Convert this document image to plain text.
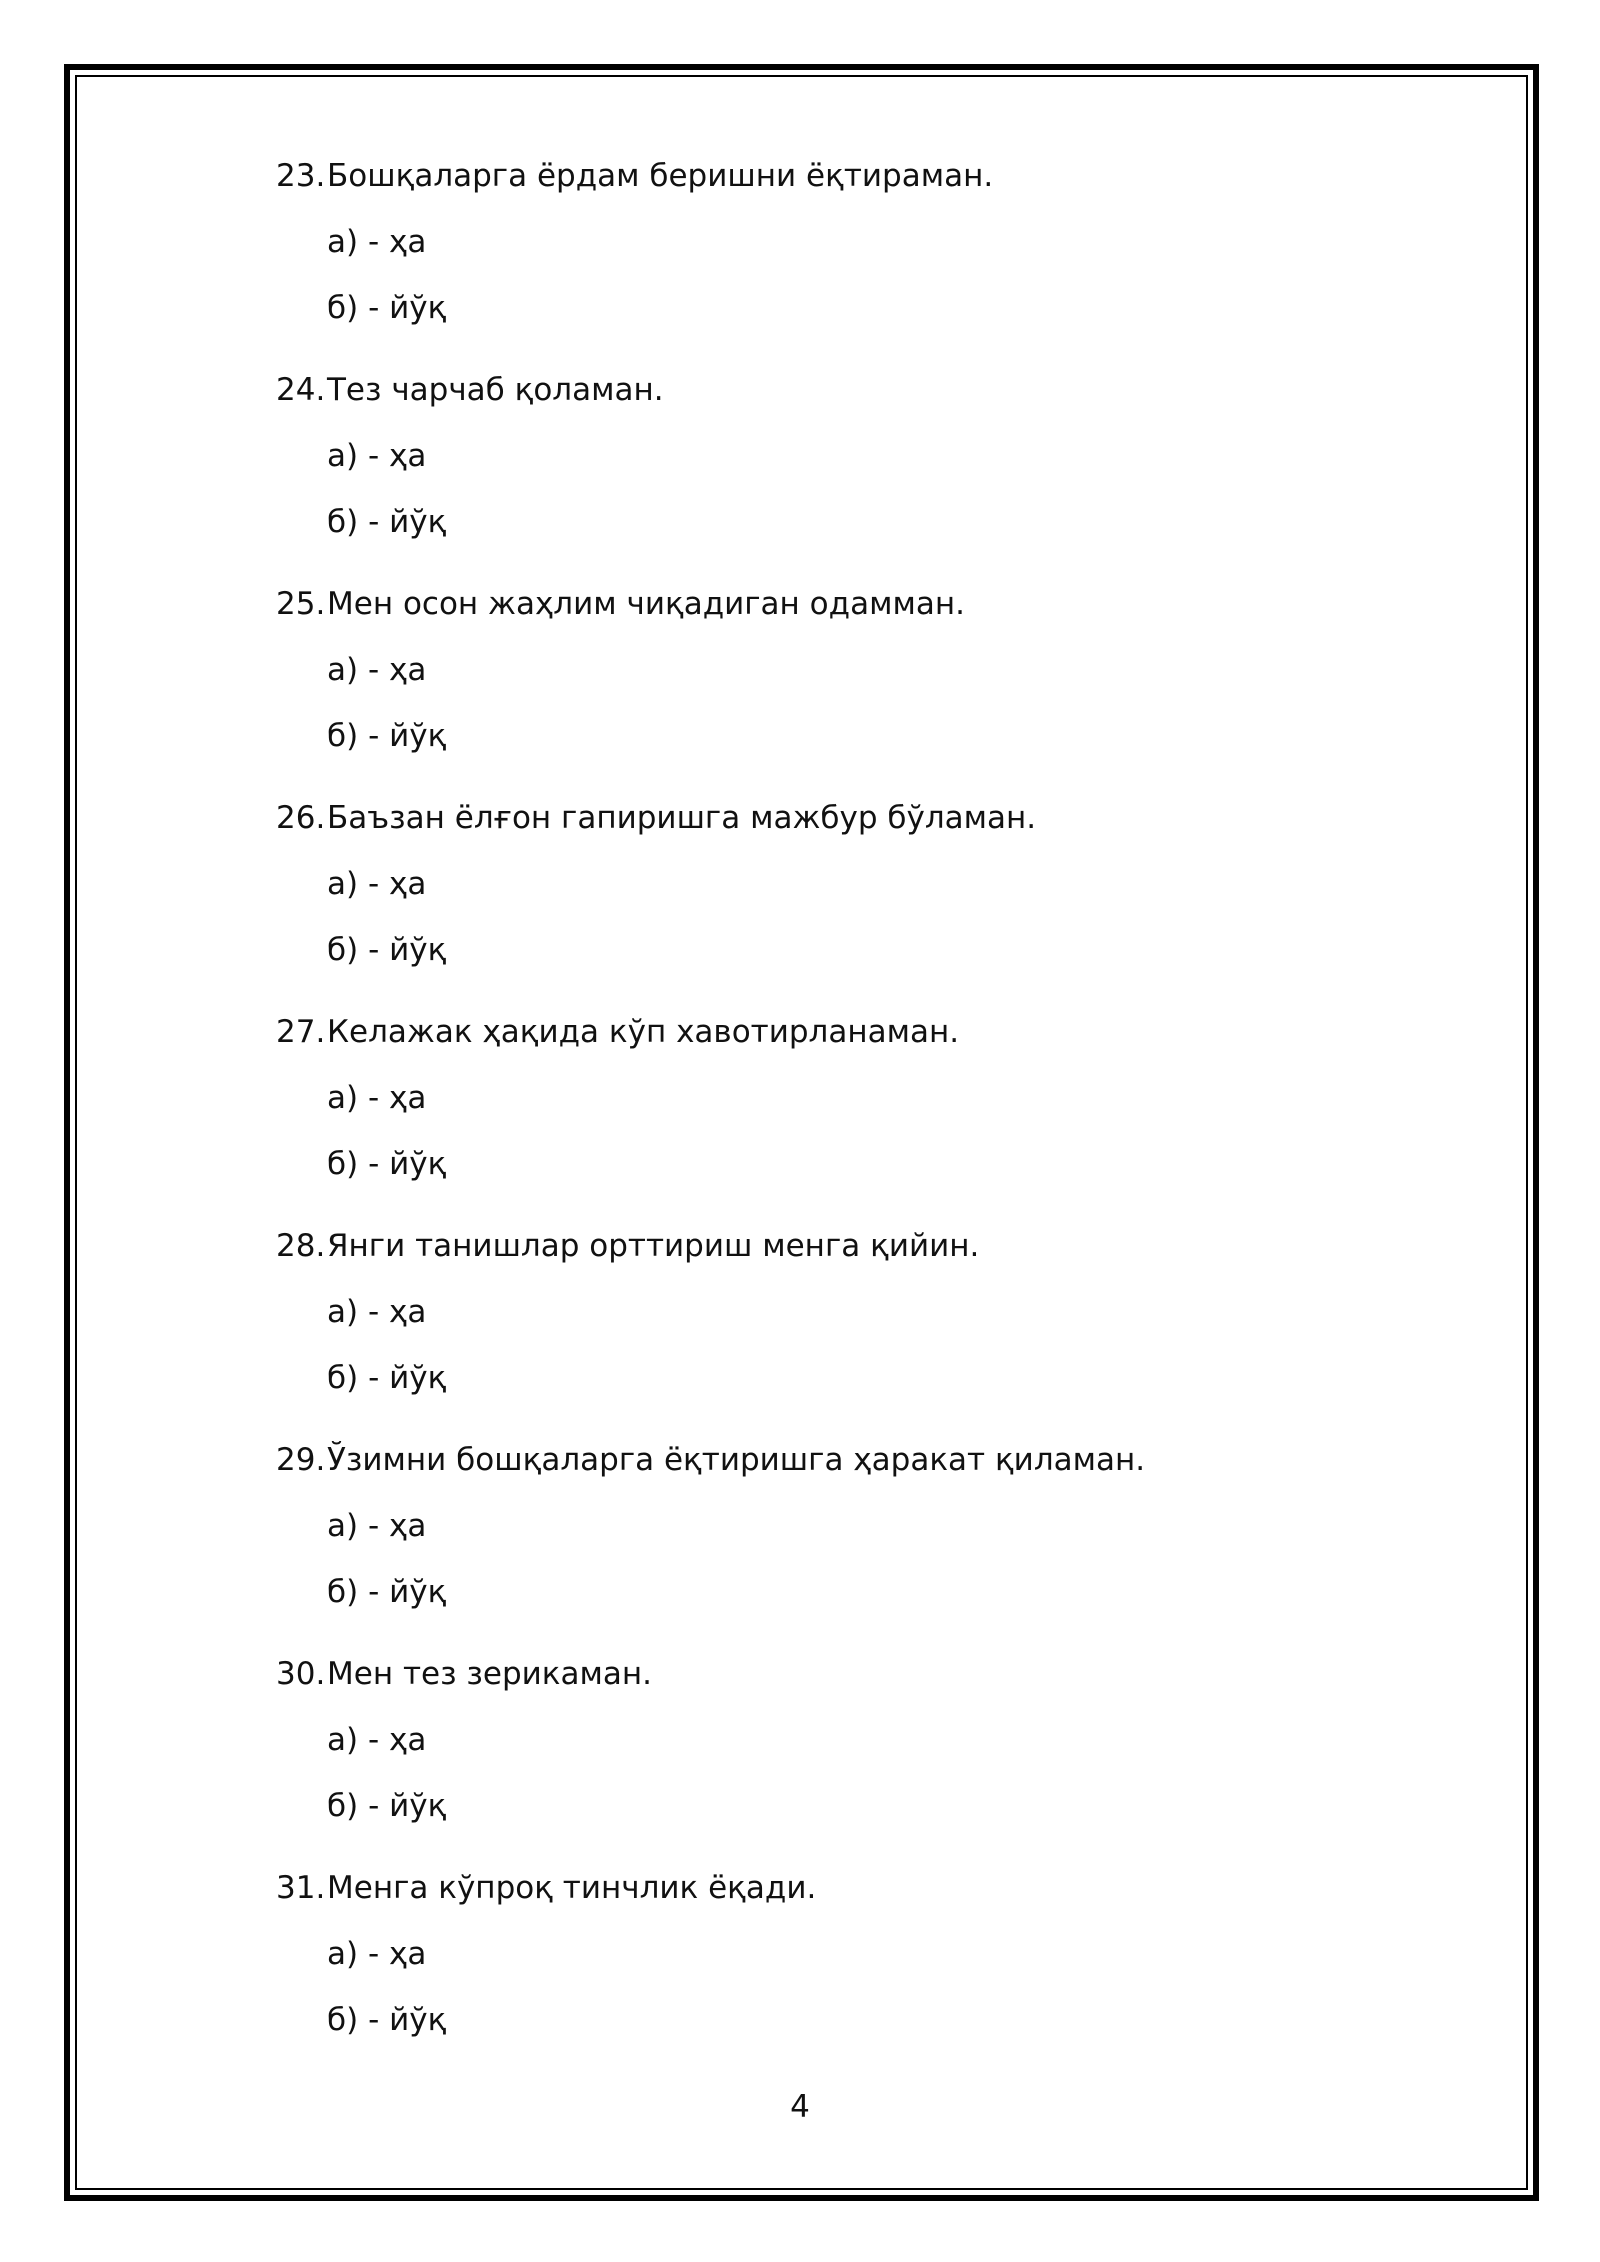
23. Бошқаларга ёрдам беришни ёқтираман.
а) - ҳа
б) - йўқ
24. Тез чарчаб қоламан.
а) - ҳа
б) - йўқ
25. Мен осон жаҳлим чиқадиган одамман.
а) - ҳа
б) - йўқ
26. Баъзан ёлғон гапиришга мажбур бўламан.
а) - ҳа
б) - йўқ
27. Келажак ҳақида кўп хавотирланаман.
а) - ҳа
б) - йўқ
28. Янги танишлар орттириш менга қийин.
а) - ҳа
б) - йўқ
29. Ўзимни бошқаларга ёқтиришга ҳаракат қиламан.
а) - ҳа
б) - йўқ
30. Мен тез зерикаман.
а) - ҳа
б) - йўқ
31. Менга кўпроқ тинчлик ёқади.
а) - ҳа
б) - йўқ
4
